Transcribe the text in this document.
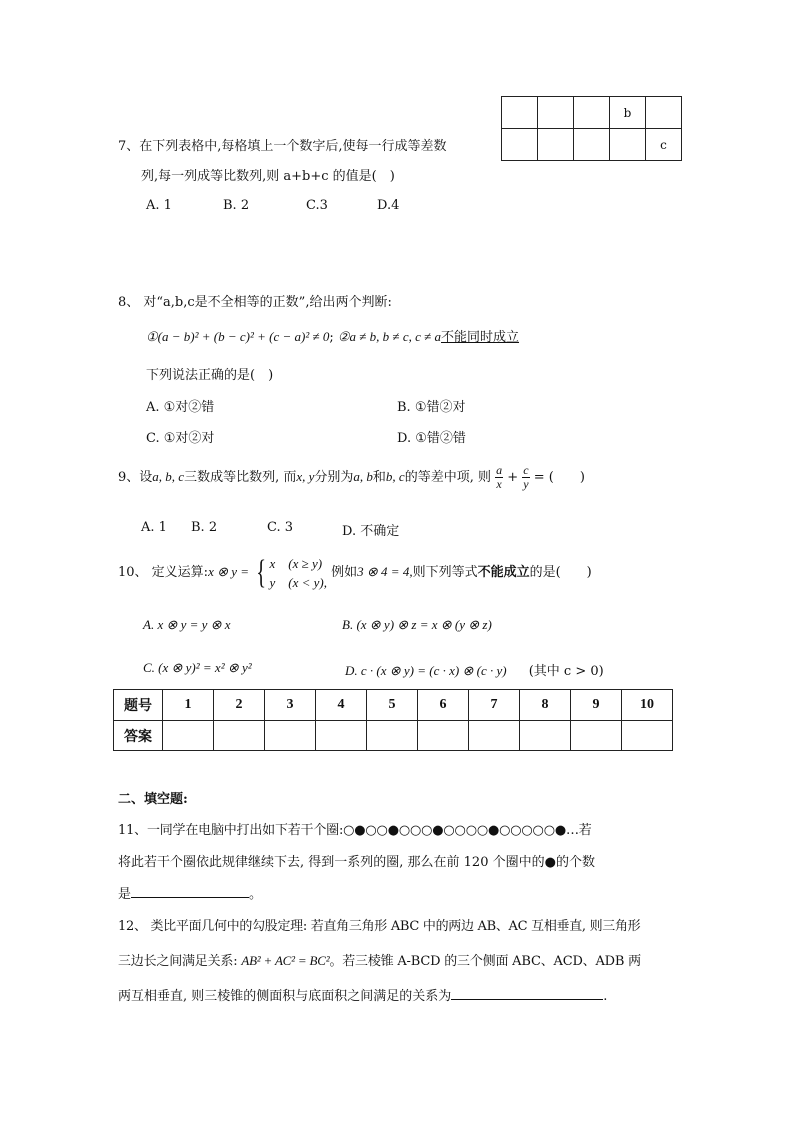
			b	
				c
7、在下列表格中,每格填上一个数字后,使每一行成等差数
列,每一列成等比数列,则 a+b+c 的值是(　)
A. 1	B. 2	C.3	D.4
8、 对“a,b,c是不全相等的正数”,给出两个判断:
①(a − b)² + (b − c)² + (c − a)² ≠ 0; ②a ≠ b, b ≠ c, c ≠ a不能同时成立
下列说法正确的是(　)
A. ①对②错	B. ①错②对
C. ①对②对	D. ①错②错
9、设a, b, c三数成等比数列, 而x, y分别为a, b和b, c的等差中项, 则 $\frac{a}{x} + \frac{c}{y}$ = (　　)
A. 1 B. 2	C. 3	D. 不确定
10、 定义运算:x ⊗ y = { x (x ≥ y)
y (x < y),
例如3 ⊗ 4 = 4,则下列等式不能成立的是(　　)
A. x ⊗ y = y ⊗ x	B. (x ⊗ y) ⊗ z = x ⊗ (y ⊗ z)
C. (x ⊗ y)² = x² ⊗ y²	D. c · (x ⊗ y) = (c · x) ⊗ (c · y) (其中 c > 0)
题号	1	2	3	4	5	6	7	8	9	10
答案										
二、填空题:
11、一同学在电脑中打出如下若干个圈:○●○○●○○○●○○○○●○○○○○●…若
将此若干个圈依此规律继续下去, 得到一系列的圈, 那么在前 120 个圈中的●的个数
是	。
12、 类比平面几何中的勾股定理: 若直角三角形 ABC 中的两边 AB、AC 互相垂直, 则三角形
三边长之间满足关系: AB² + AC² = BC²。若三棱锥 A-BCD 的三个侧面 ABC、ACD、ADB 两
两互相垂直, 则三棱锥的侧面积与底面积之间满足的关系为	.
